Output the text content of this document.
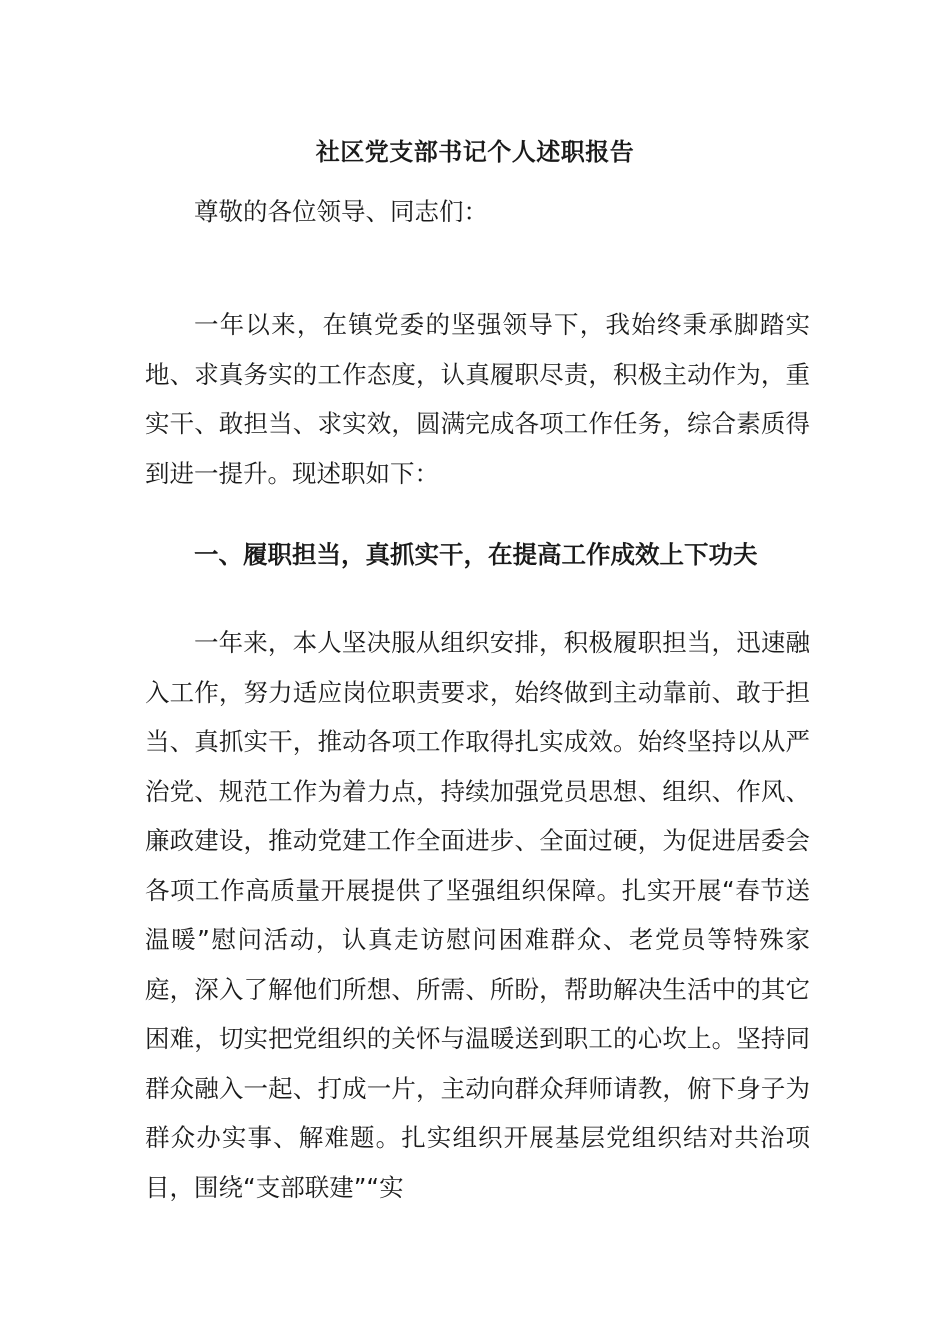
社区党支部书记个人述职报告

尊敬的各位领导、同志们：

一年以来，在镇党委的坚强领导下，我始终秉承脚踏实地、求真务实的工作态度，认真履职尽责，积极主动作为，重实干、敢担当、求实效，圆满完成各项工作任务，综合素质得到进一提升。现述职如下：

一、履职担当，真抓实干，在提高工作成效上下功夫

一年来，本人坚决服从组织安排，积极履职担当，迅速融入工作，努力适应岗位职责要求，始终做到主动靠前、敢于担当、真抓实干，推动各项工作取得扎实成效。始终坚持以从严治党、规范工作为着力点，持续加强党员思想、组织、作风、廉政建设，推动党建工作全面进步、全面过硬，为促进居委会各项工作高质量开展提供了坚强组织保障。扎实开展“春节送温暖”慰问活动，认真走访慰问困难群众、老党员等特殊家庭，深入了解他们所想、所需、所盼，帮助解决生活中的其它困难，切实把党组织的关怀与温暖送到职工的心坎上。坚持同群众融入一起、打成一片，主动向群众拜师请教，俯下身子为群众办实事、解难题。扎实组织开展基层党组织结对共治项目，围绕“支部联建”“实
